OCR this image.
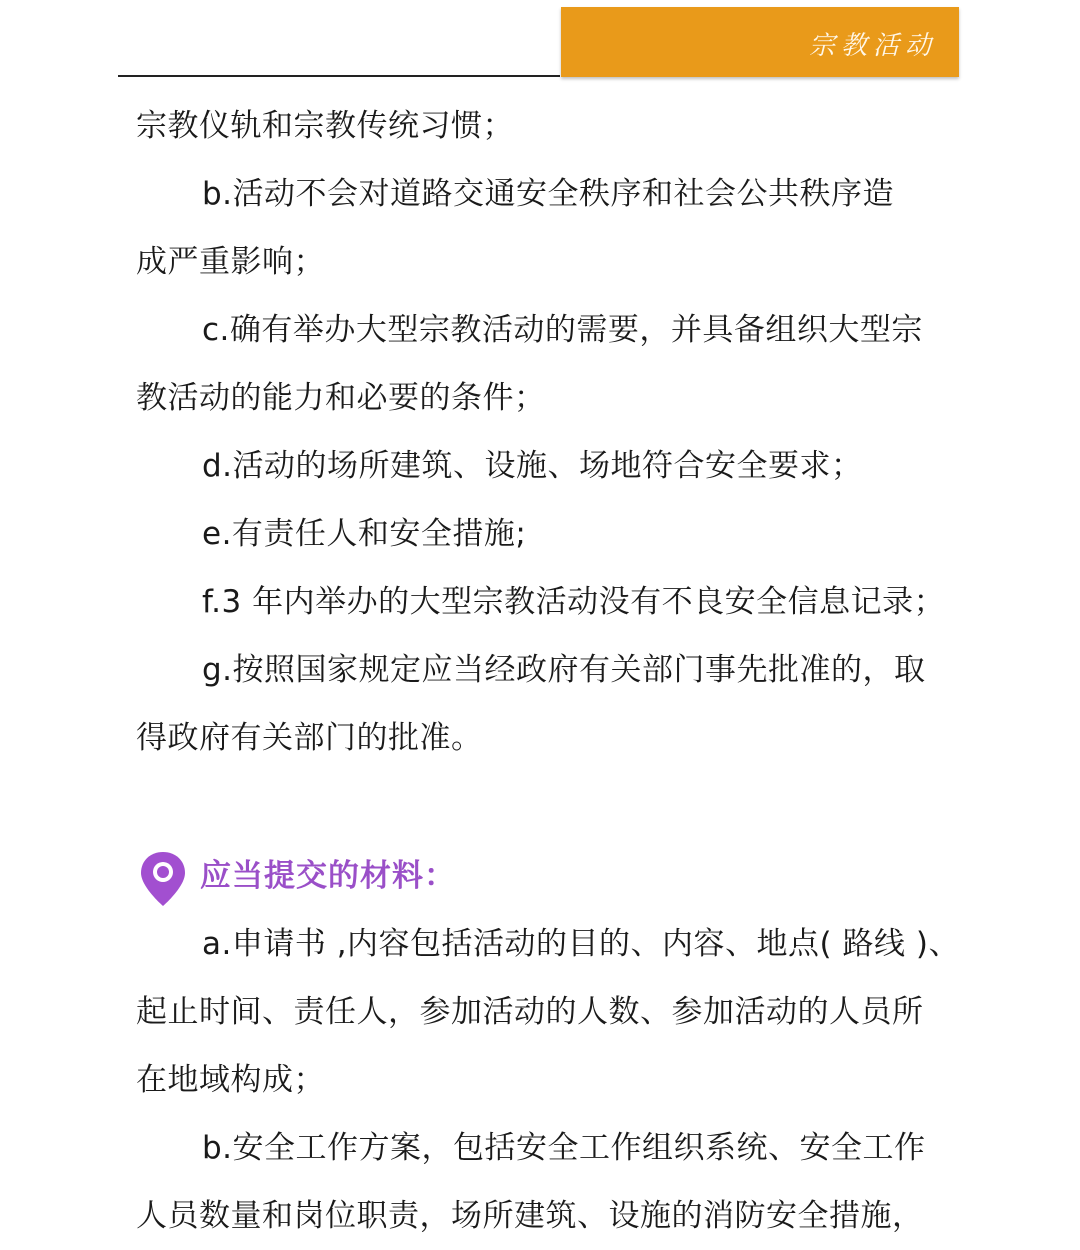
宗教活动
宗教仪轨和宗教传统习惯；
b.活动不会对道路交通安全秩序和社会公共秩序造
成严重影响；
c.确有举办大型宗教活动的需要，并具备组织大型宗
教活动的能力和必要的条件；
d.活动的场所建筑、设施、场地符合安全要求；
e.有责任人和安全措施;
f.3 年内举办的大型宗教活动没有不良安全信息记录；
g.按照国家规定应当经政府有关部门事先批准的，取
得政府有关部门的批准。
应当提交的材料：
a.申请书 ,内容包括活动的目的、内容、地点( 路线 )、
起止时间、责任人，参加活动的人数、参加活动的人员所
在地域构成；
b.安全工作方案，包括安全工作组织系统、安全工作
人员数量和岗位职责，场所建筑、设施的消防安全措施，
